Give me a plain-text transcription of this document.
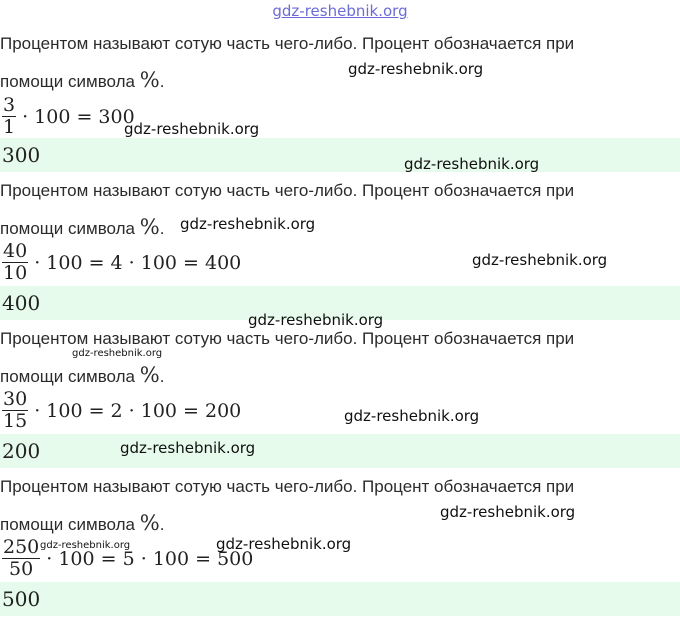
gdz-reshebnik.org
Процентом называют сотую часть чего-либо. Процент обозначается при
помощи символа %.
$\frac{3}{1} \cdot 100 = 300$
300
Процентом называют сотую часть чего-либо. Процент обозначается при
помощи символа %.
$\frac{40}{10} \cdot 100 = 4 \cdot 100 = 400$
400
Процентом называют сотую часть чего-либо. Процент обозначается при
помощи символа %.
$\frac{30}{15} \cdot 100 = 2 \cdot 100 = 200$
200
Процентом называют сотую часть чего-либо. Процент обозначается при
помощи символа %.
$\frac{250}{50} \cdot 100 = 5 \cdot 100 = 500$
500
gdz-reshebnik.org
gdz-reshebnik.org
gdz-reshebnik.org
gdz-reshebnik.org
gdz-reshebnik.org
gdz-reshebnik.org
gdz-reshebnik.org
gdz-reshebnik.org
gdz-reshebnik.org
gdz-reshebnik.org
gdz-reshebnik.org	gdz-reshebnik.org
